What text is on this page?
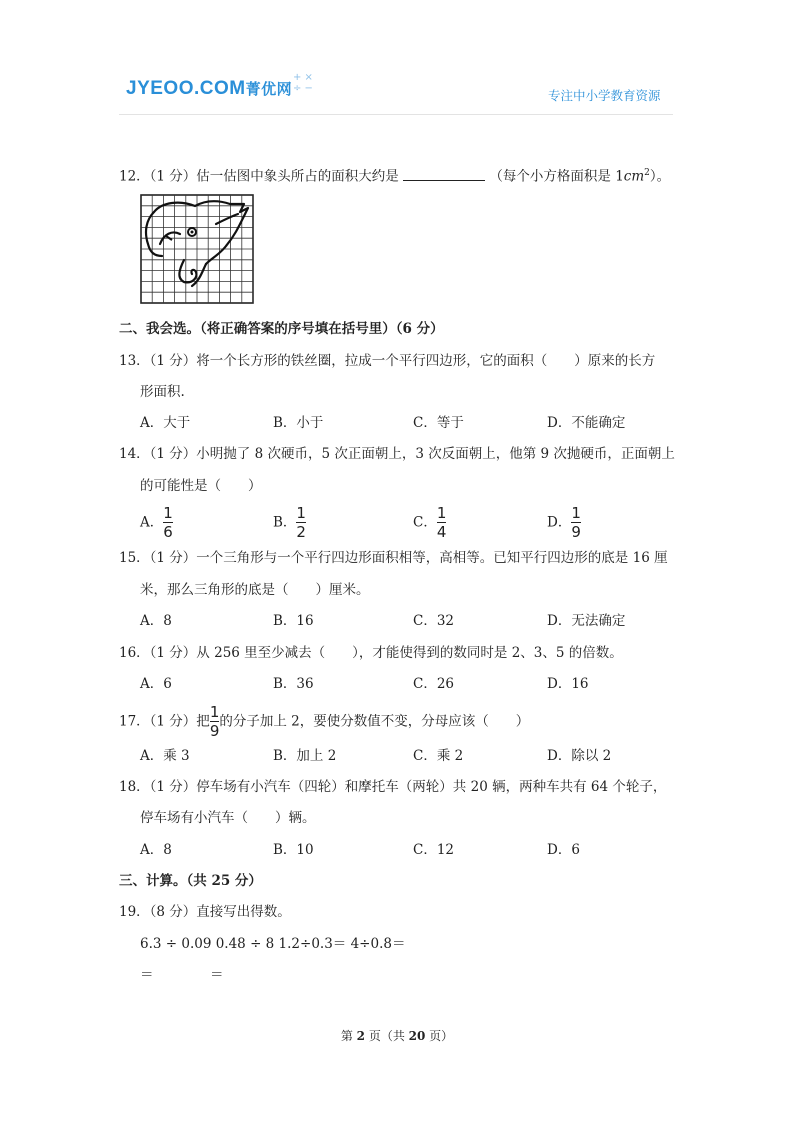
JYEOO.COM菁优网
+ ×
÷ −	专注中小学教育资源
12．（1 分）估一估图中象头所占的面积大约是	（每个小方格面积是 $1cm^2$）。
二、我会选。（将正确答案的序号填在括号里）（6 分）
13．（1 分）将一个长方形的铁丝圈，拉成一个平行四边形，它的面积（　　）原来的长方
形面积.
A．大于	B．小于	C．等于	D．不能确定
14．（1 分）小明抛了 8 次硬币，5 次正面朝上，3 次反面朝上，他第 9 次抛硬币，正面朝上
的可能性是（　　）
A．$\frac{1}{6}$	B．$\frac{1}{2}$	C．$\frac{1}{4}$	D．$\frac{1}{9}$
15．（1 分）一个三角形与一个平行四边形面积相等，高相等。已知平行四边形的底是 16 厘
米，那么三角形的底是（　　）厘米。
A．8	B．16	C．32	D．无法确定
16．（1 分）从 256 里至少减去（　　），才能使得到的数同时是 2、3、5 的倍数。
A．6	B．36	C．26	D．16
17．（1 分）把$\frac{1}{9}$的分子加上 2，要使分数值不变，分母应该（　　）
A．乘 3	B．加上 2	C．乘 2	D．除以 2
18．（1 分）停车场有小汽车（四轮）和摩托车（两轮）共 20 辆，两种车共有 64 个轮子，
停车场有小汽车（　　）辆。
A．8	B．10	C．12	D．6
三、计算。（共 25 分）
19．（8 分）直接写出得数。
6.3 ÷ 0.09 0.48 ÷ 8 1.2÷0.3＝ 4÷0.8＝
＝	＝
第 2 页（共 20 页）
